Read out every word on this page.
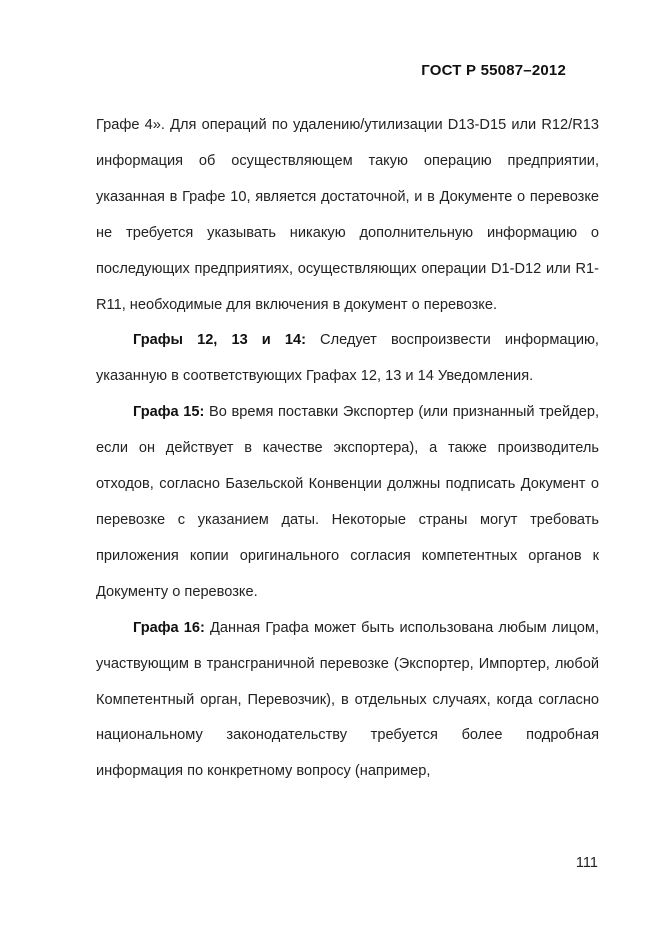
ГОСТ Р 55087–2012

Графе 4». Для операций по удалению/утилизации D13-D15 или R12/R13 информация об осуществляющем такую операцию предприятии, указанная в Графе 10, является достаточной, и в Документе о перевозке не требуется указывать никакую дополнительную информацию о последующих предприятиях, осуществляющих операции D1-D12 или R1-R11, необходимые для включения в документ о перевозке.

Графы 12, 13 и 14: Следует воспроизвести информацию, указанную в соответствующих Графах 12, 13 и 14 Уведомления.

Графа 15: Во время поставки Экспортер (или признанный трейдер, если он действует в качестве экспортера), а также производитель отходов, согласно Базельской Конвенции должны подписать Документ о перевозке с указанием даты. Некоторые страны могут требовать приложения копии оригинального согласия компетентных органов к Документу о перевозке.

Графа 16: Данная Графа может быть использована любым лицом, участвующим в трансграничной перевозке (Экспортер, Импортер, любой Компетентный орган, Перевозчик), в отдельных случаях, когда согласно национальному законодательству требуется более подробная информация по конкретному вопросу (например,

111
